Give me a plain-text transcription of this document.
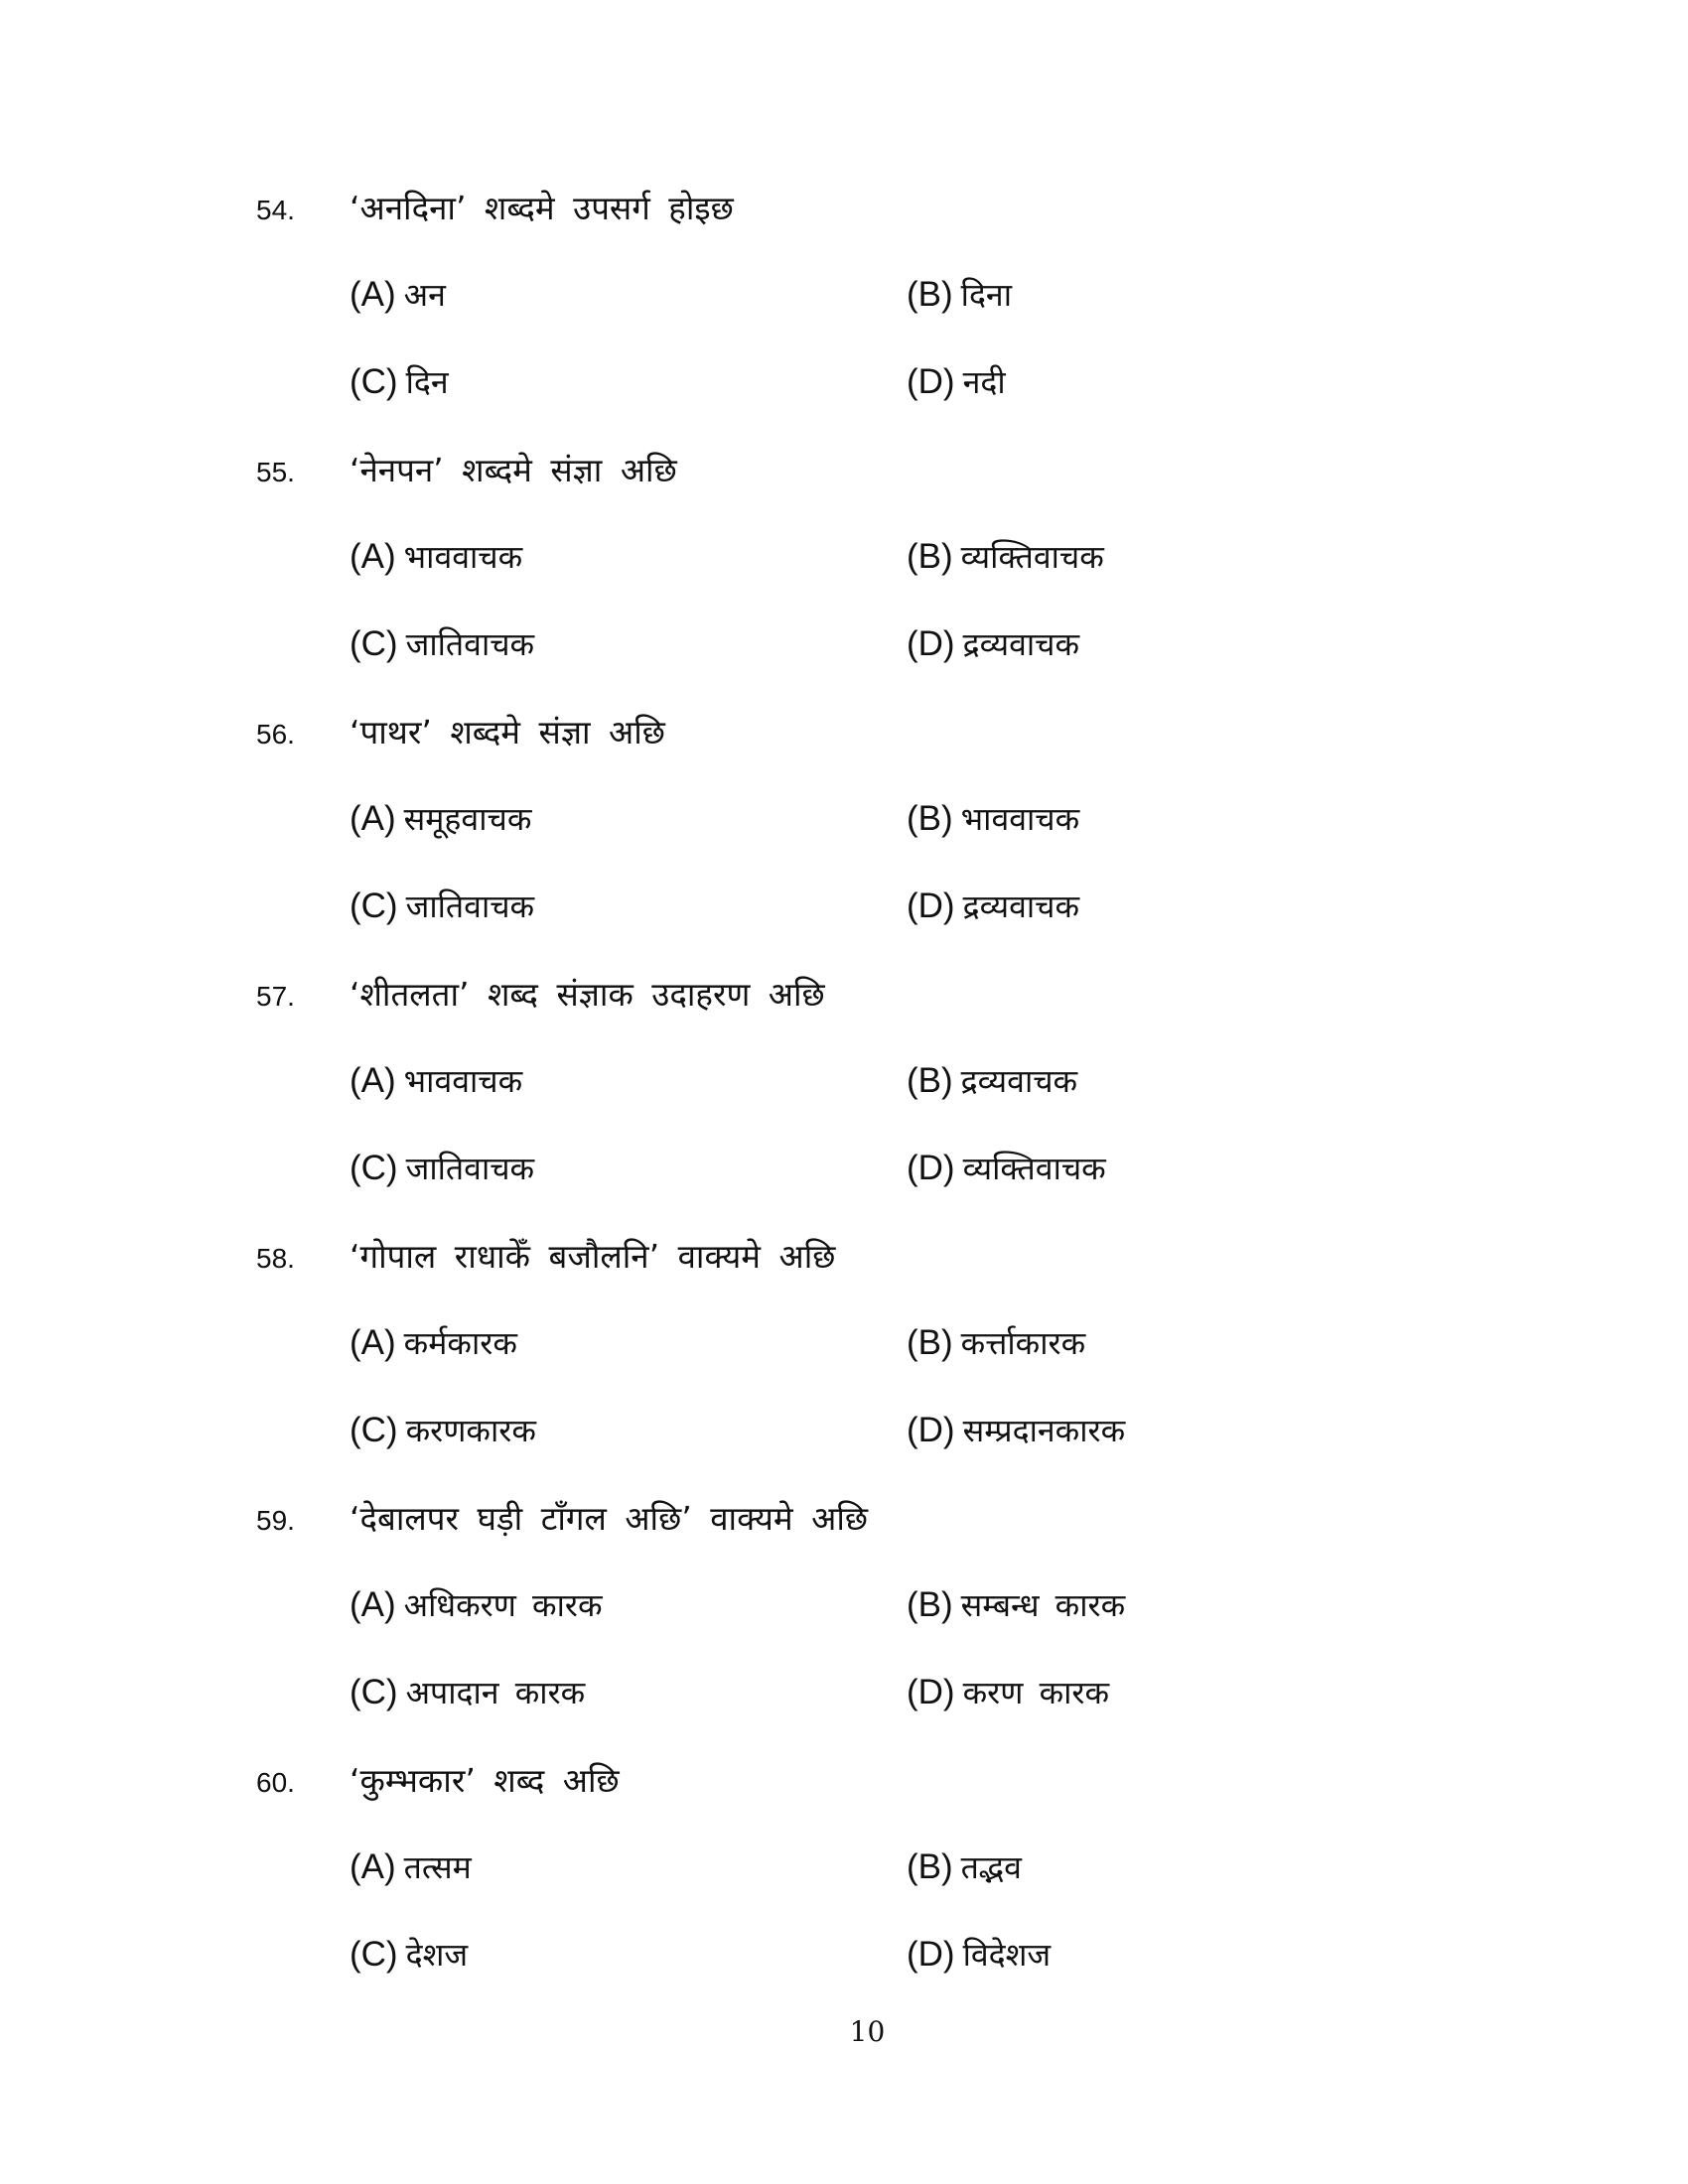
54. ‘अनदिना’ शब्दमे उपसर्ग होइछ
(A) अन	(B) दिना
(C) दिन	(D) नदी
55. ‘नेनपन’ शब्दमे संज्ञा अछि
(A) भाववाचक	(B) व्यक्तिवाचक
(C) जातिवाचक	(D) द्रव्यवाचक
56. ‘पाथर’ शब्दमे संज्ञा अछि
(A) समूहवाचक	(B) भाववाचक
(C) जातिवाचक	(D) द्रव्यवाचक
57. ‘शीतलता’ शब्द संज्ञाक उदाहरण अछि
(A) भाववाचक	(B) द्रव्यवाचक
(C) जातिवाचक	(D) व्यक्तिवाचक
58. ‘गोपाल राधाकेँ बजौलनि’ वाक्यमे अछि
(A) कर्मकारक	(B) कर्त्ताकारक
(C) करणकारक	(D) सम्प्रदानकारक
59. ‘देबालपर घड़ी टाँगल अछि’ वाक्यमे अछि
(A) अधिकरण कारक	(B) सम्बन्ध कारक
(C) अपादान कारक	(D) करण कारक
60. ‘कुम्भकार’ शब्द अछि
(A) तत्सम	(B) तद्भव
(C) देशज	(D) विदेशज
10
